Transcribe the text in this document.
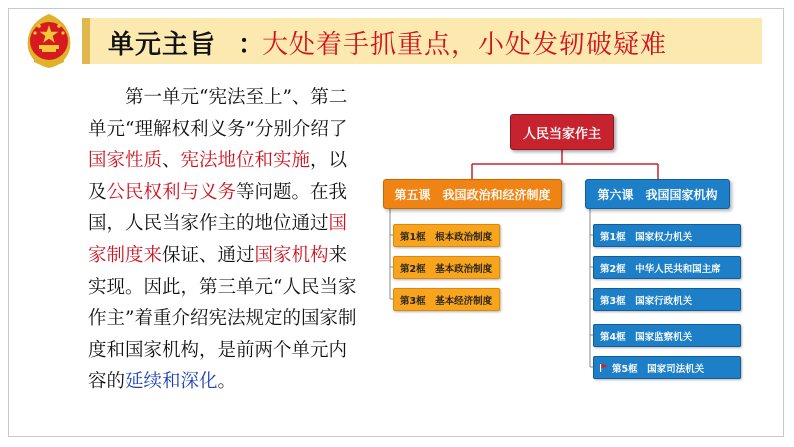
单元主旨 ：
大处着手抓重点，小处发轫破疑难

第一单元“宪法至上”、第二单元“理解权利义务”分别介绍了国家性质、宪法地位和实施，以及公民权利与义务等问题。在我国，人民当家作主的地位通过国家制度来保证、通过国家机构来实现。因此，第三单元“人民当家作主”着重介绍宪法规定的国家制度和国家机构，是前两个单元内容的延续和深化。

人民当家作主
第五课　我国政治和经济制度	第六课　我国国家机构
第1框　根本政治制度
第2框　基本政治制度
第3框　基本经济制度
第1框　国家权力机关
第2框　中华人民共和国主席
第3框　国家行政机关
第4框　国家监察机关
第5框　国家司法机关
